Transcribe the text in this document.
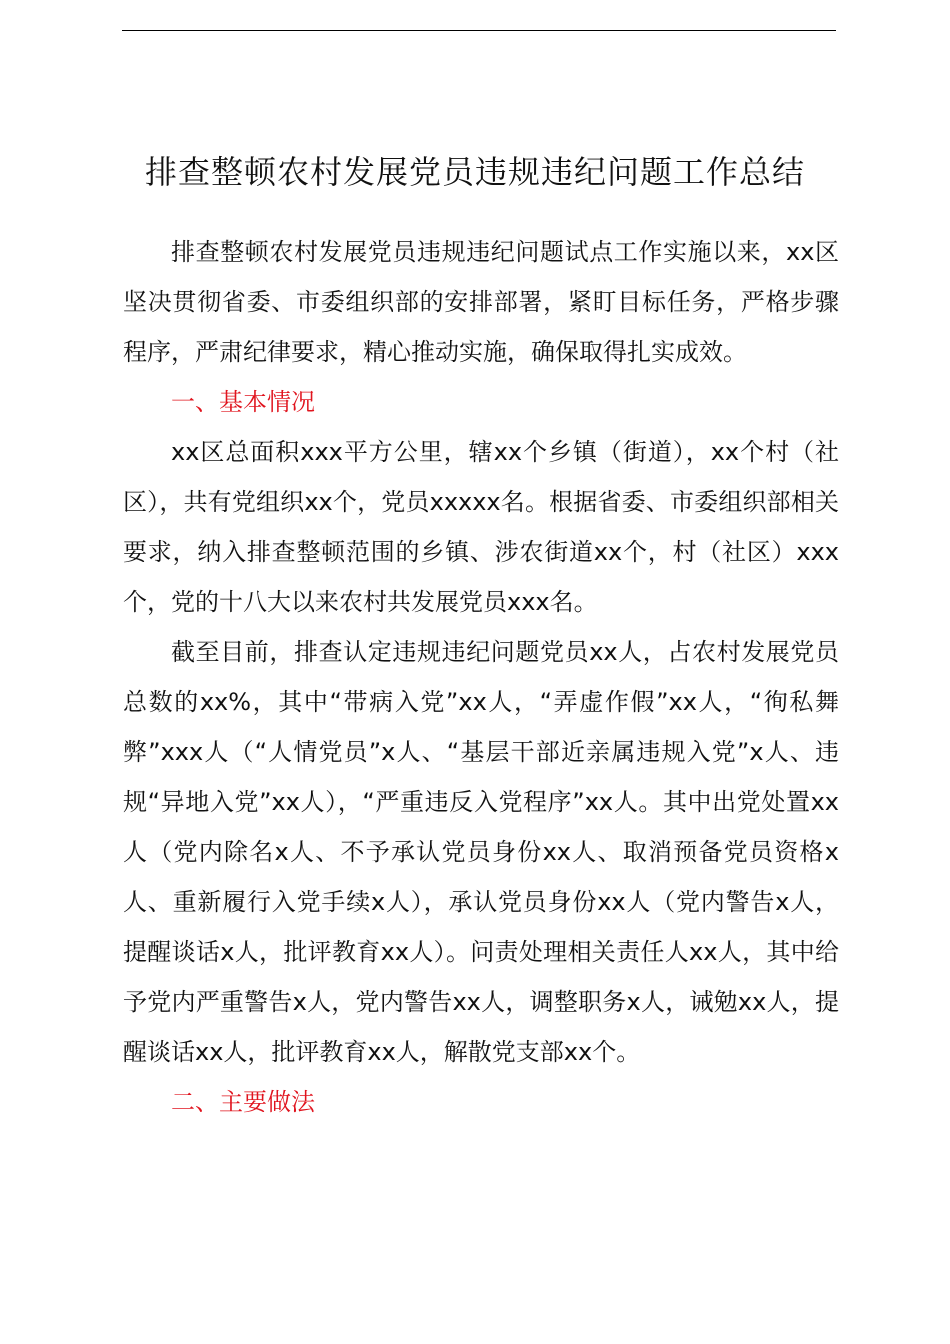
排查整顿农村发展党员违规违纪问题工作总结

排查整顿农村发展党员违规违纪问题试点工作实施以来，xx区坚决贯彻省委、市委组织部的安排部署，紧盯目标任务，严格步骤程序，严肃纪律要求，精心推动实施，确保取得扎实成效。

一、基本情况

xx区总面积xxx平方公里，辖xx个乡镇（街道），xx个村（社区），共有党组织xx个，党员xxxxx名。根据省委、市委组织部相关要求，纳入排查整顿范围的乡镇、涉农街道xx个，村（社区）xxx个，党的十八大以来农村共发展党员xxx名。

截至目前，排查认定违规违纪问题党员xx人，占农村发展党员总数的xx%，其中“带病入党”xx人，“弄虚作假”xx人，“徇私舞弊”xxx人（“人情党员”x人、“基层干部近亲属违规入党”x人、违规“异地入党”xx人），“严重违反入党程序”xx人。其中出党处置xx人（党内除名x人、不予承认党员身份xx人、取消预备党员资格x人、重新履行入党手续x人），承认党员身份xx人（党内警告x人，提醒谈话x人，批评教育xx人）。问责处理相关责任人xx人，其中给予党内严重警告x人，党内警告xx人，调整职务x人，诫勉xx人，提醒谈话xx人，批评教育xx人，解散党支部xx个。

二、主要做法
